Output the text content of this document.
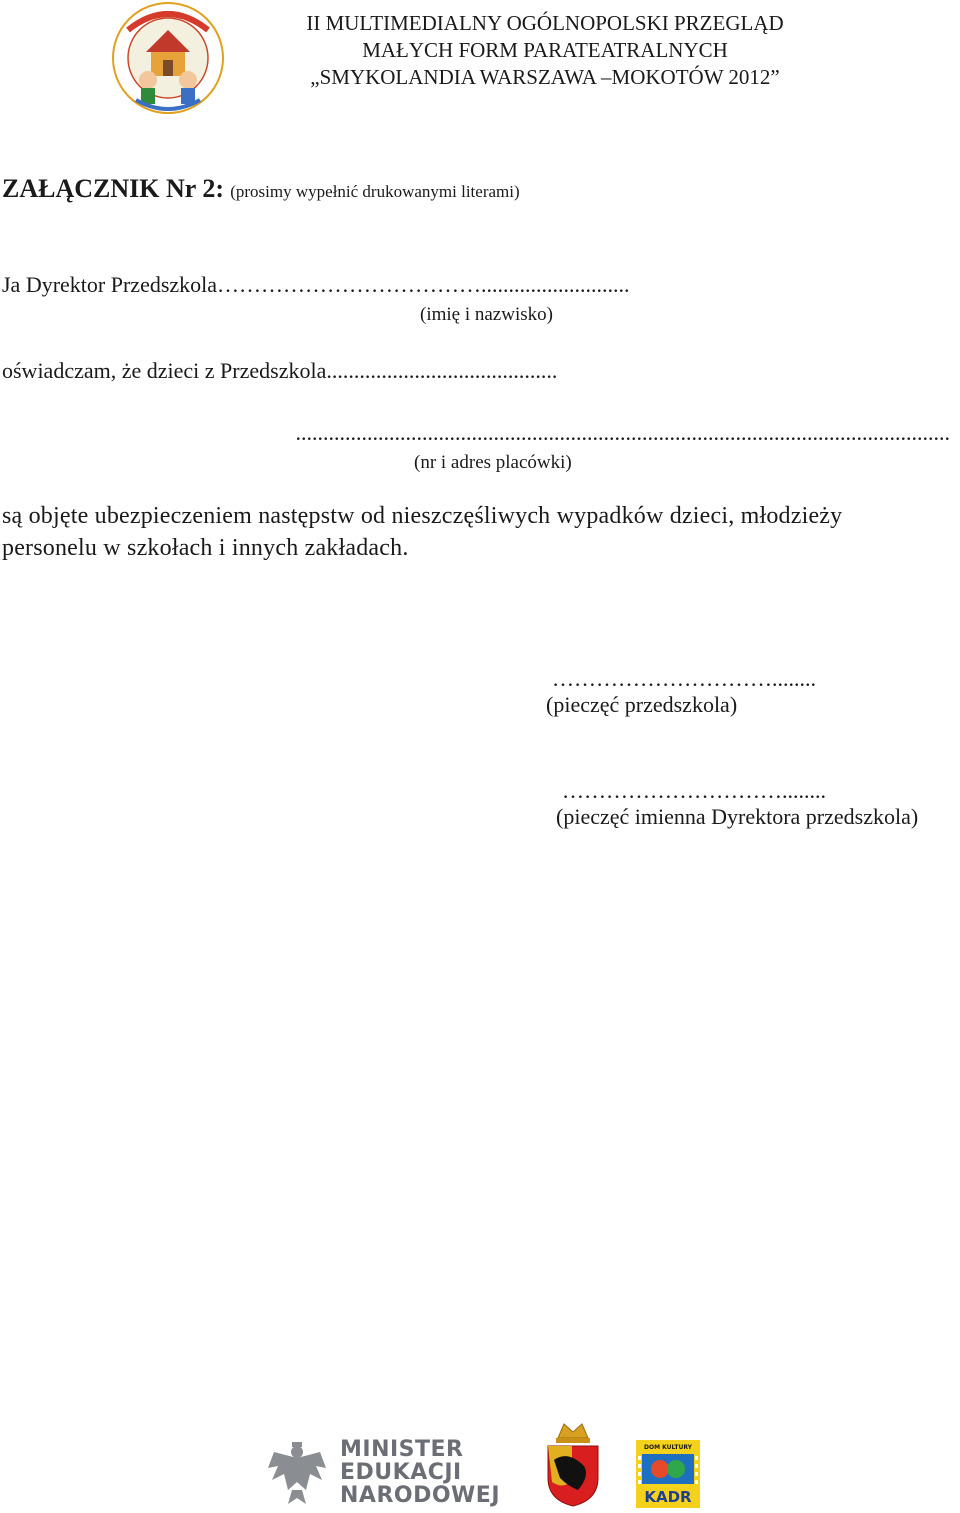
II MULTIMEDIALNY OGÓLNOPOLSKI PRZEGLĄD
MAŁYCH FORM PARATEATRALNYCH
„SMYKOLANDIA WARSZAWA –MOKOTÓW 2012”
ZAŁĄCZNIK Nr 2: (prosimy wypełnić drukowanymi literami)
Ja Dyrektor Przedszkola………………………………...........................
(imię i nazwisko)
oświadczam, że dzieci z Przedszkola..........................................
.......................................................................................................................
(nr i adres placówki)
są objęte ubezpieczeniem następstw od nieszczęśliwych wypadków dzieci, młodzieży
personelu w szkołach i innych zakładach.
…………………………........
(pieczęć przedszkola)
…………………………........
(pieczęć imienna Dyrektora przedszkola)
MINISTER
EDUKACJI
NARODOWEJ
DOM KULTURY
KADR
